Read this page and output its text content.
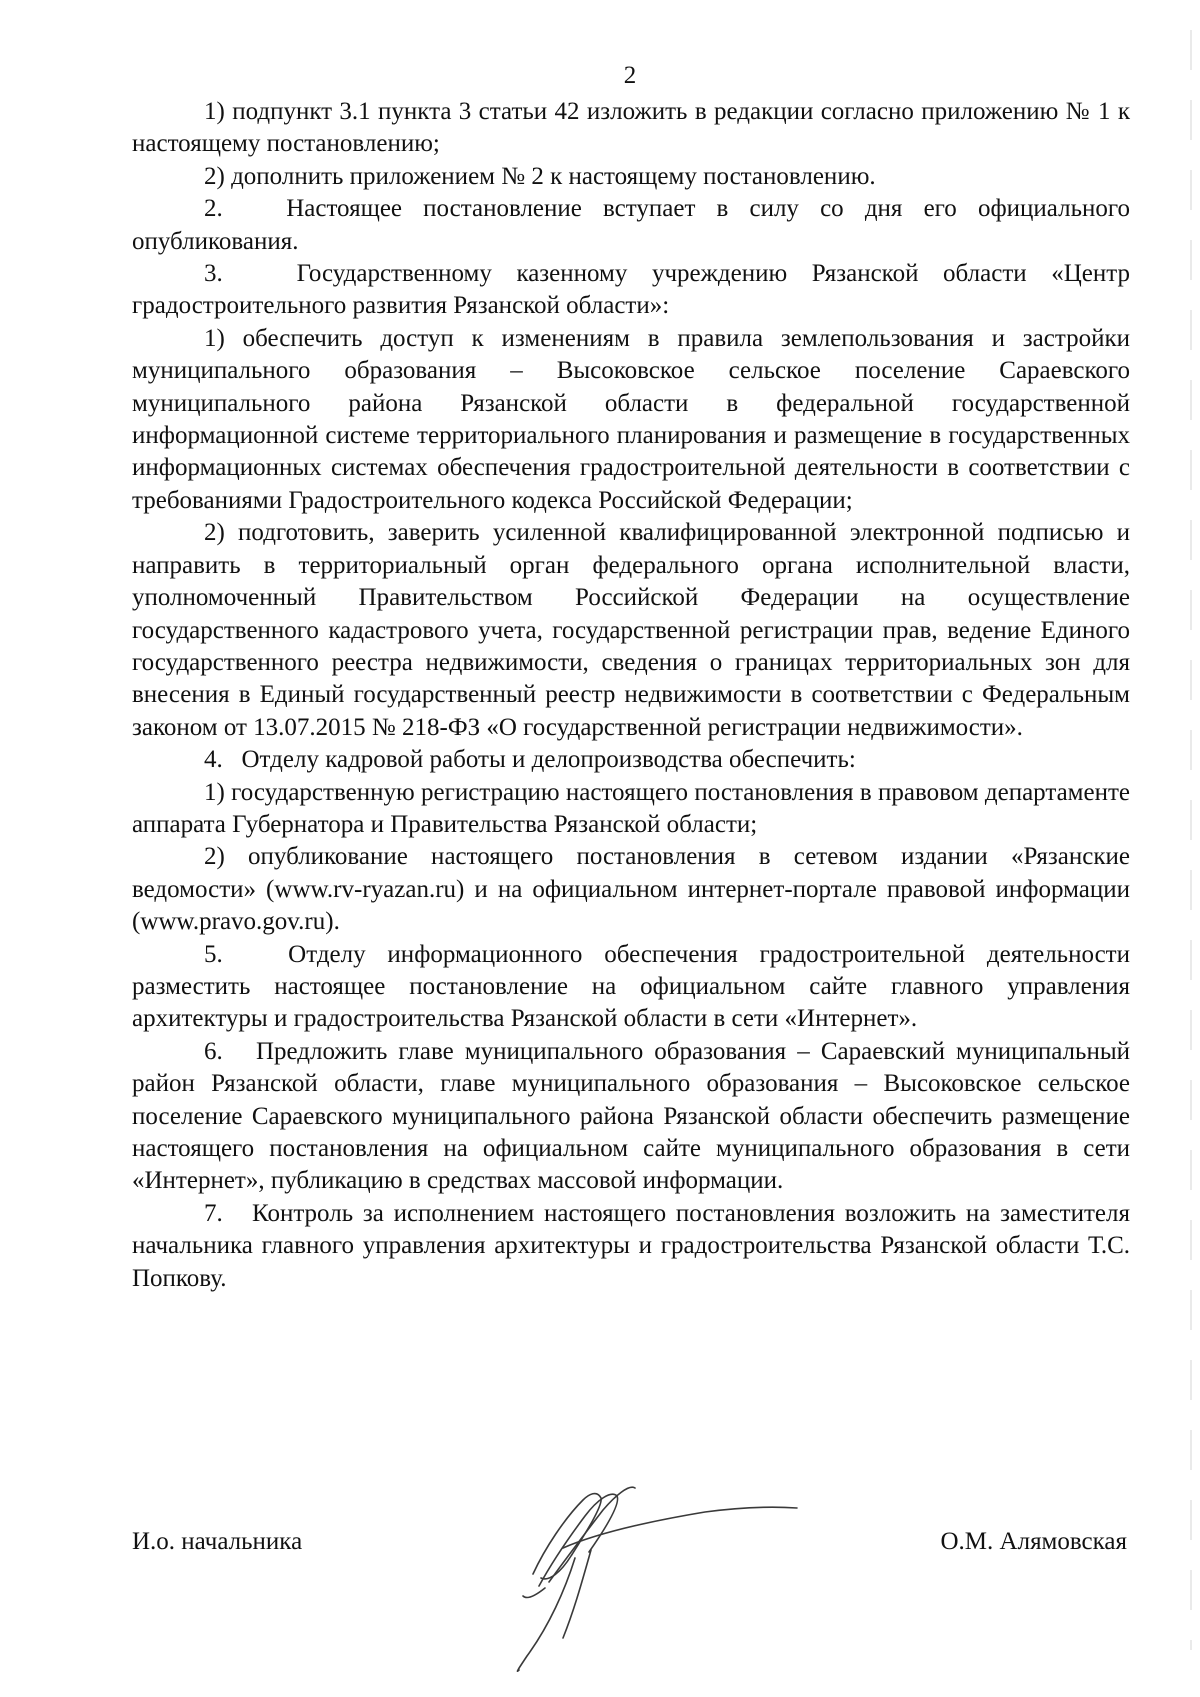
2

1) подпункт 3.1 пункта 3 статьи 42 изложить в редакции согласно приложению № 1 к настоящему постановлению;

2) дополнить приложением № 2 к настоящему постановлению.

2.   Настоящее постановление вступает в силу со дня его официального опубликования.

3.   Государственному казенному учреждению Рязанской области «Центр градостроительного развития Рязанской области»:

1) обеспечить доступ к изменениям в правила землепользования и застройки муниципального образования – Высоковское сельское поселение Сараевского муниципального района Рязанской области в федеральной государственной информационной системе территориального планирования и размещение в государственных информационных системах обеспечения градостроительной деятельности в соответствии с требованиями Градостроительного кодекса Российской Федерации;

2) подготовить, заверить усиленной квалифицированной электронной подписью и направить в территориальный орган федерального органа исполнительной власти, уполномоченный Правительством Российской Федерации на осуществление государственного кадастрового учета, государственной регистрации прав, ведение Единого государственного реестра недвижимости, сведения о границах территориальных зон для внесения в Единый государственный реестр недвижимости в соответствии с Федеральным законом от 13.07.2015 № 218-ФЗ «О государственной регистрации недвижимости».

4.   Отделу кадровой работы и делопроизводства обеспечить:

1) государственную регистрацию настоящего постановления в правовом департаменте аппарата Губернатора и Правительства Рязанской области;

2) опубликование настоящего постановления в сетевом издании «Рязанские ведомости» (www.rv-ryazan.ru) и на официальном интернет-портале правовой информации (www.pravo.gov.ru).

5.   Отделу информационного обеспечения градостроительной деятельности разместить настоящее постановление на официальном сайте главного управления архитектуры и градостроительства Рязанской области в сети «Интернет».

6.   Предложить главе муниципального образования – Сараевский муниципальный район Рязанской области, главе муниципального образования – Высоковское сельское поселение Сараевского муниципального района Рязанской области обеспечить размещение настоящего постановления на официальном сайте муниципального образования в сети «Интернет», публикацию в средствах массовой информации.

7.   Контроль за исполнением настоящего постановления возложить на заместителя начальника главного управления архитектуры и градостроительства Рязанской области Т.С. Попкову.

И.о. начальника	О.М. Алямовская
